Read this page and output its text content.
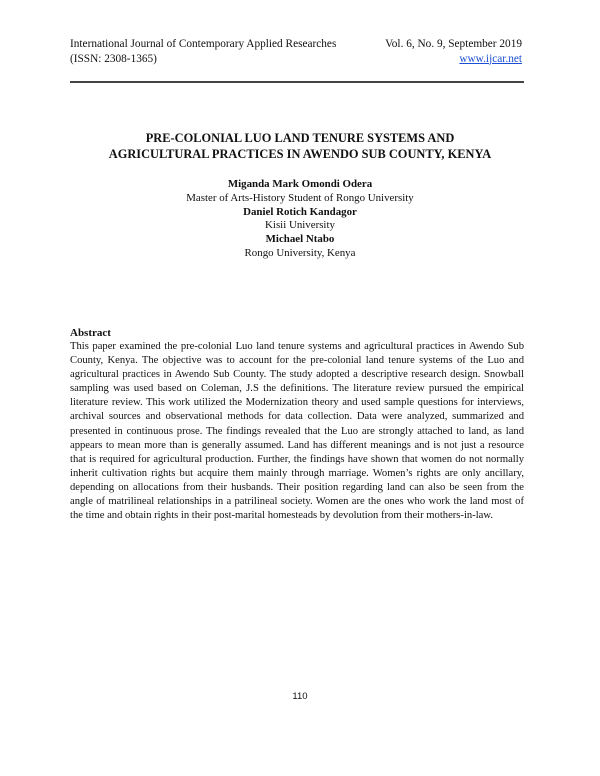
International Journal of Contemporary Applied Researches	Vol. 6, No. 9, September 2019
(ISSN: 2308-1365)	www.ijcar.net
PRE-COLONIAL LUO LAND TENURE SYSTEMS AND
AGRICULTURAL PRACTICES IN AWENDO SUB COUNTY, KENYA
Miganda Mark Omondi Odera
Master of Arts-History Student of Rongo University
Daniel Rotich Kandagor
Kisii University
Michael Ntabo
Rongo University, Kenya
Abstract

This paper examined the pre-colonial Luo land tenure systems and agricultural practices in Awendo Sub County, Kenya. The objective was to account for the pre-colonial land tenure systems of the Luo and agricultural practices in Awendo Sub County. The study adopted a descriptive research design. Snowball sampling was used based on Coleman, J.S the definitions. The literature review pursued the empirical literature review. This work utilized the Modernization theory and used sample questions for interviews, archival sources and observational methods for data collection. Data were analyzed, summarized and presented in continuous prose. The findings revealed that the Luo are strongly attached to land, as land appears to mean more than is generally assumed. Land has different meanings and is not just a resource that is required for agricultural production. Further, the findings have shown that women do not normally inherit cultivation rights but acquire them mainly through marriage. Women’s rights are only ancillary, depending on allocations from their husbands. Their position regarding land can also be seen from the angle of matrilineal relationships in a patrilineal society. Women are the ones who work the land most of the time and obtain rights in their post-marital homesteads by devolution from their mothers-in-law.

110
